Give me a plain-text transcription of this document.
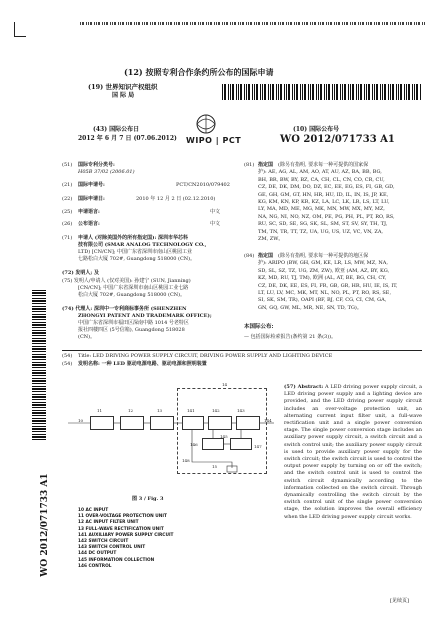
(12) 按照专利合作条约所公布的国际申请
(19) 世界知识产权组织
国 际 局
(43) 国际公布日
2012 年 6 月 7 日 (07.06.2012) WIPO | PCT
(10) 国际公布号
WO 2012/071733 A1
(51) 国际专利分类号:
H05B 37/02 (2006.01)
(21) 国际申请号:	PCT/CN2010/079402
(22) 国际申请日:	2010 年 12 月 2 日 (02.12.2010)
(25) 申请语言:	中文
(26) 公布语言:	中文
(71) 申请人 (对除美国外的所有指定国): 深圳市华芯科
技有限公司 (SMAR ANALOG TECHNOLOGY CO.,
LTD) [CN/CN]; 中国广东省深圳市南山区桃园工业
七路松白大厦 702#, Guangdong 518000 (CN)。
(72) 发明人; 及
(75) 发明人/申请人 (仅对美国): 孙建宁 (SUN, Jianning)
[CN/CN]; 中国广东省深圳市南山区桃园工业七路
松白大厦 702#, Guangdong 518000 (CN)。
(74) 代理人: 深圳中一专利商标事务所 (SHENZHEN
ZHONGYI PATENT AND TRADEMARK OFFICE);
中国广东省深圳市福田区深南中路 1014 号老特区
报社四楼四区 (5号信箱), Guangdong 518028
(CN)。
(81) 指定国 (除另有指明, 要求每一种可提供的国家保
护): AE, AG, AL, AM, AO, AT, AU, AZ, BA, BB, BG,
BH, BR, BW, BY, BZ, CA, CH, CL, CN, CO, CR, CU,
CZ, DE, DK, DM, DO, DZ, EC, EE, EG, ES, FI, GB, GD,
GE, GH, GM, GT, HN, HR, HU, ID, IL, IN, IS, JP, KE,
KG, KM, KN, KP, KR, KZ, LA, LC, LK, LR, LS, LT, LU,
LY, MA, MD, ME, MG, MK, MN, MW, MX, MY, MZ,
NA, NG, NI, NO, NZ, OM, PE, PG, PH, PL, PT, RO, RS,
RU, SC, SD, SE, SG, SK, SL, SM, ST, SV, SY, TH, TJ,
TM, TN, TR, TT, TZ, UA, UG, US, UZ, VC, VN, ZA,
ZM, ZW。
(84) 指定国 (除另有指明, 要求每一种可提供的地区保
护): ARIPO (BW, GH, GM, KE, LR, LS, MW, MZ, NA,
SD, SL, SZ, TZ, UG, ZM, ZW), 欧亚 (AM, AZ, BY, KG,
KZ, MD, RU, TJ, TM), 欧洲 (AL, AT, BE, BG, CH, CY,
CZ, DE, DK, EE, ES, FI, FR, GB, GR, HR, HU, IE, IS, IT,
LT, LU, LV, MC, MK, MT, NL, NO, PL, PT, RO, RS, SE,
SI, SK, SM, TR), OAPI (BF, BJ, CF, CG, CI, CM, GA,
GN, GQ, GW, ML, MR, NE, SN, TD, TG)。
本国际公布:
— 包括国际检索报告(条约第 21 条(3))。
WO 2012/071733 A1
(54) Title: LED DRIVING POWER SUPPLY CIRCUIT, DRIVING POWER SUPPLY AND LIGHTING DEVICE
(54) 发明名称: 一种 LED 驱动电源电路、驱动电源和照明装置
14
10
11	12	13	141	142	143
144
146
145
147
148
15
图 3 / Fig. 3
10 AC INPUT
11 OVER-VOLTAGE PROTECTION UNIT
12 AC INPUT FILTER UNIT
13 FULL-WAVE RECTIFICATION UNIT
141 AUXILIARY POWER SUPPLY CIRCUIT
142 SWITCH CIRCUIT
143 SWITCH CONTROL UNIT
144 DC OUTPUT
145 INFORMATION COLLECTION
146 CONTROL
(57) Abstract: A LED driving power supply circuit, a LED driving power supply and a lighting device are provided, and the LED driving power supply circuit includes an over-voltage protection unit, an alternating current input filter unit, a full-wave rectification unit and a single power conversion stage. The single power conversion stage includes an auxiliary power supply circuit, a switch circuit and a switch control unit; the auxiliary power supply circuit is used to provide auxiliary power supply for the switch circuit; the switch circuit is used to control the output power supply by turning on or off the switch; and the switch control unit is used to control the switch circuit dynamically according to the information collected on the switch circuit. Through dynamically controlling the switch circuit by the switch control unit of the single power conversion stage, the solution improves the overall efficiency when the LED driving power supply circuit works.
[见续页]
